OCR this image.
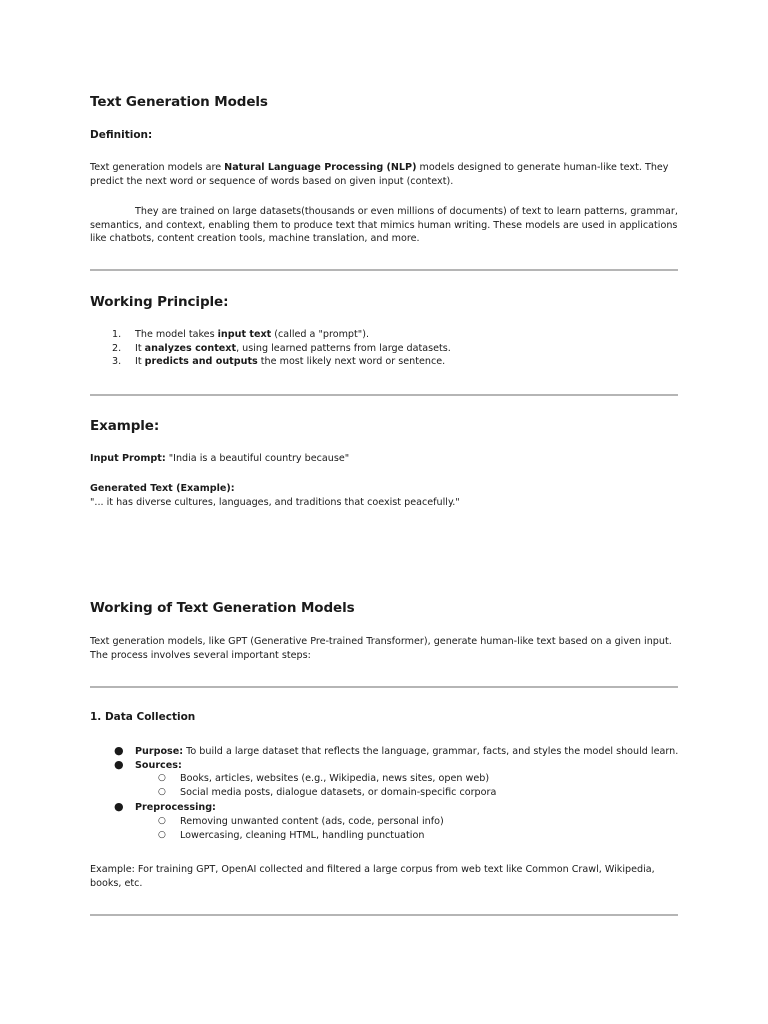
Text Generation Models
Definition:

Text generation models are Natural Language Processing (NLP) models designed to generate human-like text. They predict the next word or sequence of words based on given input (context).

They are trained on large datasets(thousands or even millions of documents) of text to learn patterns, grammar, semantics, and context, enabling them to produce text that mimics human writing. These models are used in applications like chatbots, content creation tools, machine translation, and more.

Working Principle:
1. The model takes input text (called a "prompt").
2. It analyzes context, using learned patterns from large datasets.
3. It predicts and outputs the most likely next word or sentence.
Example:

Input Prompt: "India is a beautiful country because"

Generated Text (Example):
"... it has diverse cultures, languages, and traditions that coexist peacefully."

Working of Text Generation Models

Text generation models, like GPT (Generative Pre-trained Transformer), generate human-like text based on a given input. The process involves several important steps:

1. Data Collection
● Purpose: To build a large dataset that reflects the language, grammar, facts, and styles the model should learn.
● Sources:
○ Books, articles, websites (e.g., Wikipedia, news sites, open web)
○ Social media posts, dialogue datasets, or domain-specific corpora
● Preprocessing:
○ Removing unwanted content (ads, code, personal info)
○ Lowercasing, cleaning HTML, handling punctuation

Example: For training GPT, OpenAI collected and filtered a large corpus from web text like Common Crawl, Wikipedia, books, etc.
